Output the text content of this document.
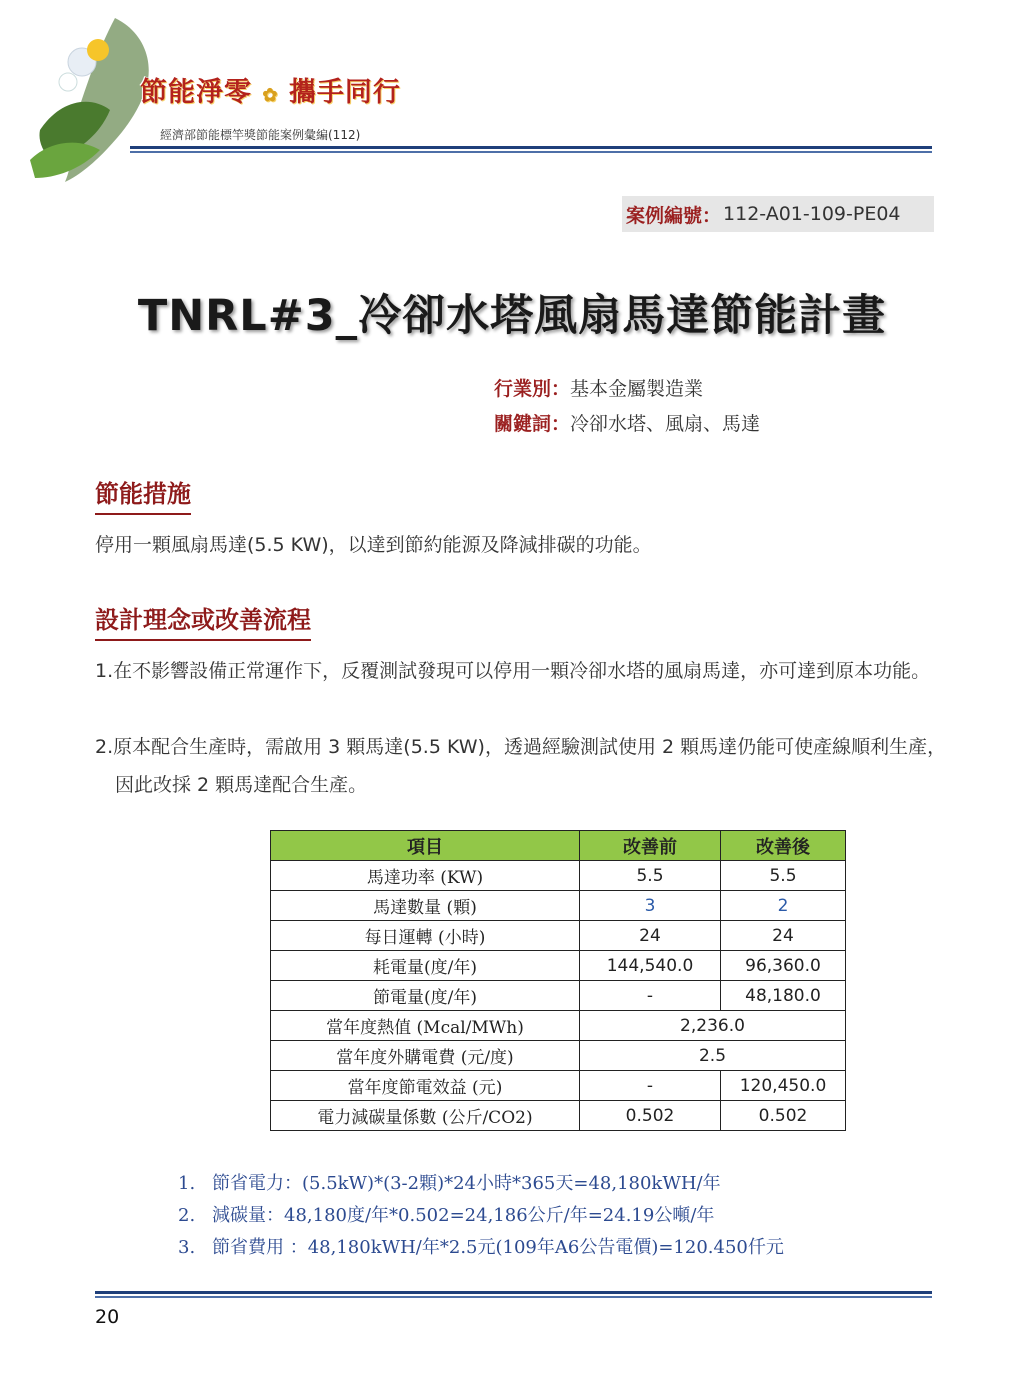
節能淨零 ✿ 攜手同行
經濟部節能標竿獎節能案例彙編(112)
案例編號： 112-A01-109-PE04
TNRL#3_冷卻水塔風扇馬達節能計畫
行業別：基本金屬製造業
關鍵詞：冷卻水塔、風扇、馬達
節能措施
停用一顆風扇馬達(5.5 KW)，以達到節約能源及降減排碳的功能。
設計理念或改善流程
1.在不影響設備正常運作下，反覆測試發現可以停用一顆冷卻水塔的風扇馬達，亦可達到原本功能。
2.原本配合生產時，需啟用 3 顆馬達(5.5 KW)，透過經驗測試使用 2 顆馬達仍能可使產線順利生產，因此改採 2 顆馬達配合生產。
項目	改善前	改善後
馬達功率 (KW)	5.5	5.5
馬達數量 (顆)	3	2
每日運轉 (小時)	24	24
耗電量(度/年)	144,540.0	96,360.0
節電量(度/年)	-	48,180.0
當年度熱值 (Mcal/MWh)	2,236.0	
當年度外購電費 (元/度)	2.5	
當年度節電效益 (元)	-	120,450.0
電力減碳量係數 (公斤/CO2)	0.502	0.502
1. 節省電力：(5.5kW)*(3-2顆)*24小時*365天=48,180kWH/年
2. 減碳量：48,180度/年*0.502=24,186公斤/年=24.19公噸/年
3. 節省費用 ：48,180kWH/年*2.5元(109年A6公告電價)=120.450仟元
20
